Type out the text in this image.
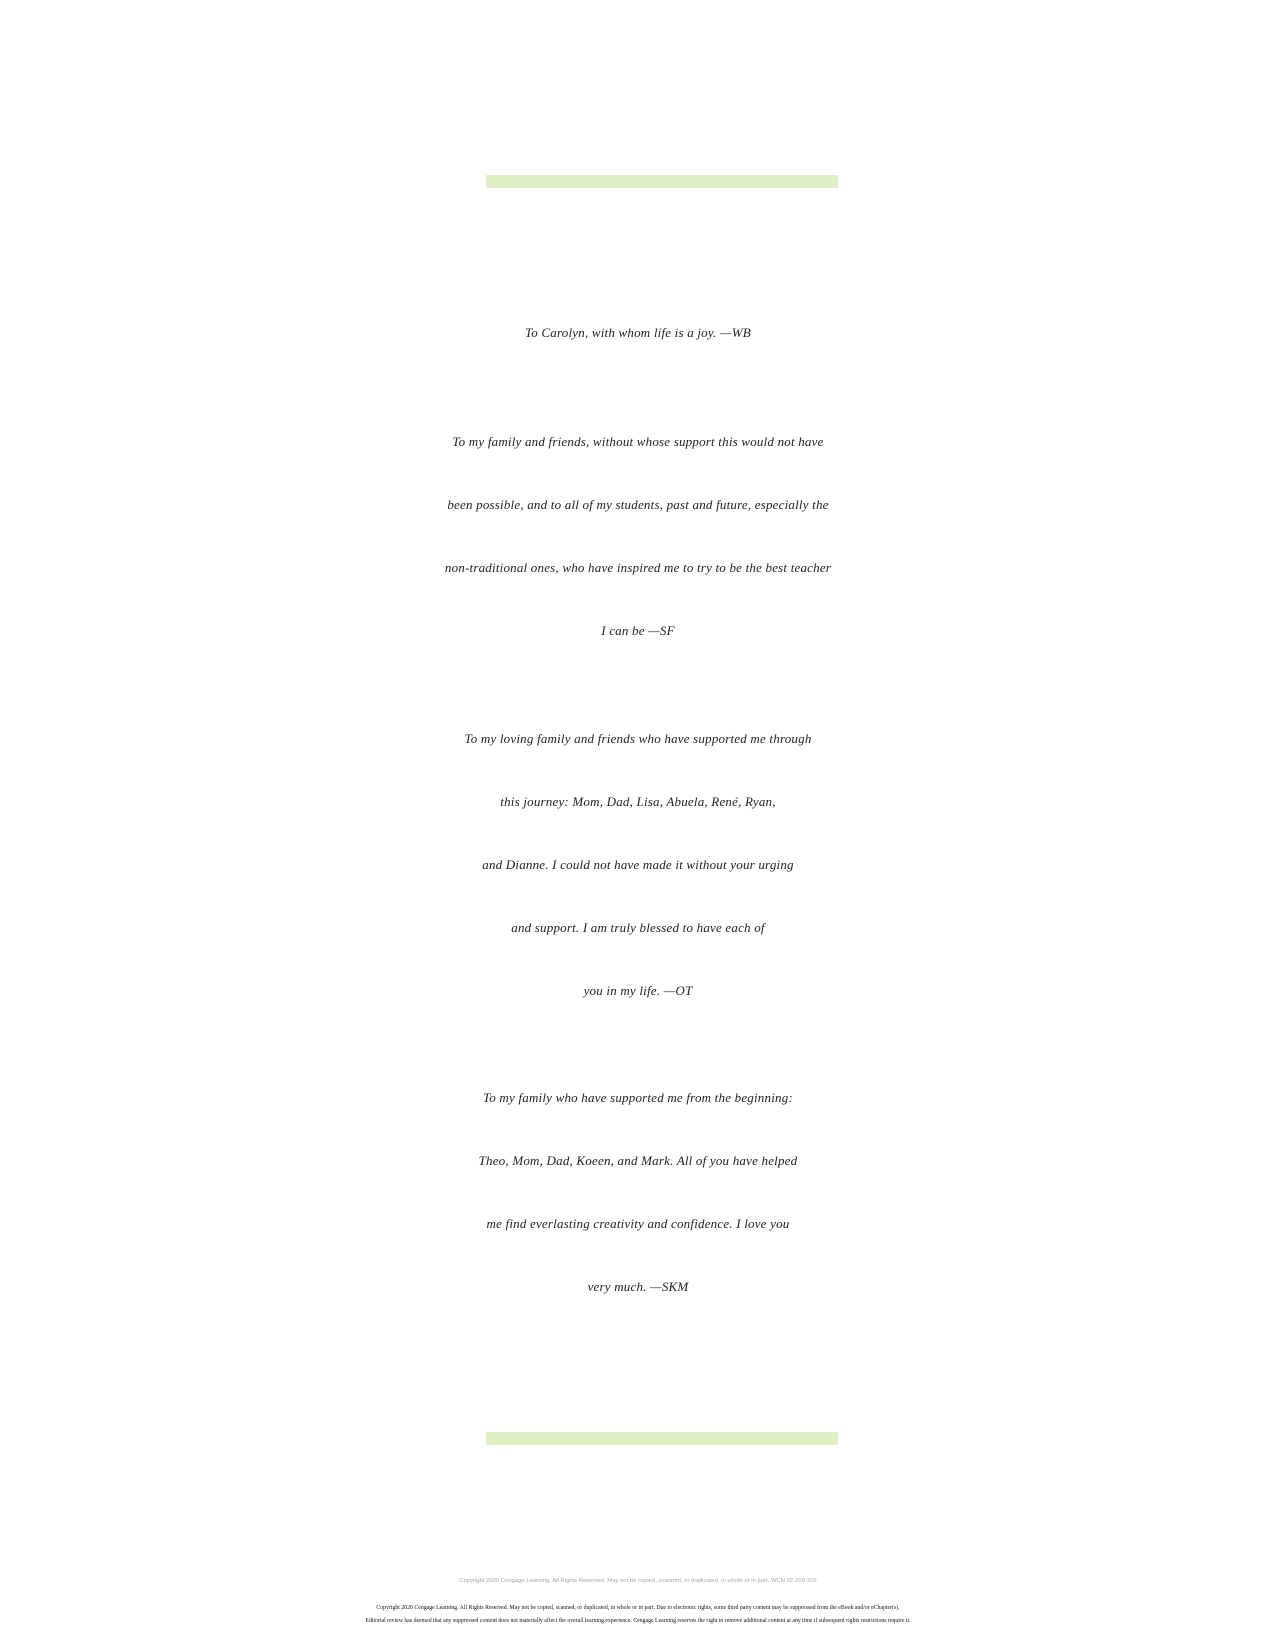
To Carolyn, with whom life is a joy. —WB
To my family and friends, without whose support this would not have
been possible, and to all of my students, past and future, especially the
non-traditional ones, who have inspired me to try to be the best teacher
I can be —SF
To my loving family and friends who have supported me through
this journey: Mom, Dad, Lisa, Abuela, René, Ryan,
and Dianne. I could not have made it without your urging
and support. I am truly blessed to have each of
you in my life. —OT
To my family who have supported me from the beginning:
Theo, Mom, Dad, Koeen, and Mark. All of you have helped
me find everlasting creativity and confidence. I love you
very much. —SKM
Copyright 2020 Cengage Learning. All Rights Reserved. May not be copied, scanned, or duplicated, in whole or in part. WCN 02-200-202
Copyright 2020 Cengage Learning. All Rights Reserved. May not be copied, scanned, or duplicated, in whole or in part. Due to electronic rights, some third party content may be suppressed from the eBook and/or eChapter(s).
Editorial review has deemed that any suppressed content does not materially affect the overall learning experience. Cengage Learning reserves the right to remove additional content at any time if subsequent rights restrictions require it.
